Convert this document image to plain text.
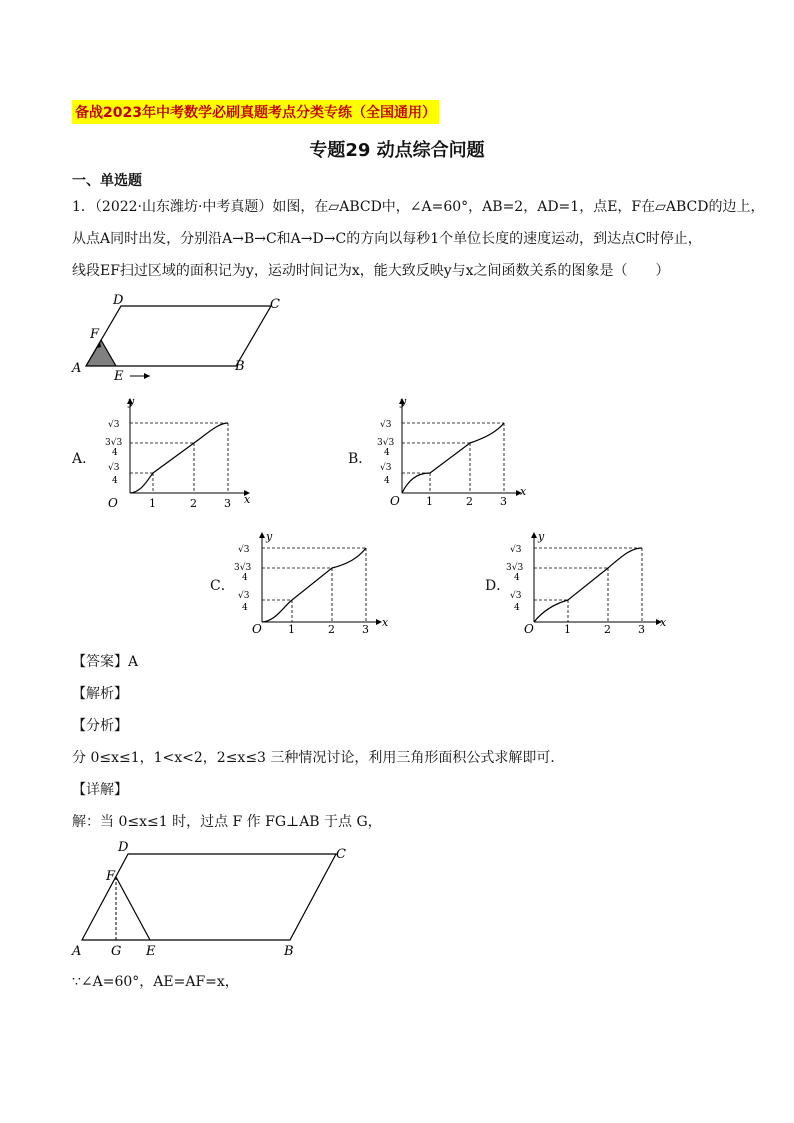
备战2023年中考数学必刷真题考点分类专练（全国通用）
专题29 动点综合问题
一、单选题
1．（2022·山东潍坊·中考真题）如图，在▱ABCD中，∠A=60°，AB=2，AD=1，点E，F在▱ABCD的边上，
从点A同时出发，分别沿A→B→C和A→D→C的方向以每秒1个单位长度的速度运动，到达点C时停止，
线段EF扫过区域的面积记为y，运动时间记为x，能大致反映y与x之间函数关系的图象是（　　）
D	C
F
A
E
B
A．
y
x
O	1	2 3
√3
3√3
4
√3
4
B．
y
x
O 1	2 3
√3
3√3
4
√3
4
C．
y
x
O 1	2 3
√3
3√3
4
√3
4
D．
y
x
O	1	2 3
√3
3√3
4
√3
4
【答案】A
【解析】
【分析】
分 0≤x≤1，1<x<2，2≤x≤3 三种情况讨论，利用三角形面积公式求解即可．
【详解】
解：当 0≤x≤1 时，过点 F 作 FG⊥AB 于点 G，
D	C
F
A G E	B
∵∠A=60°，AE=AF=x，
